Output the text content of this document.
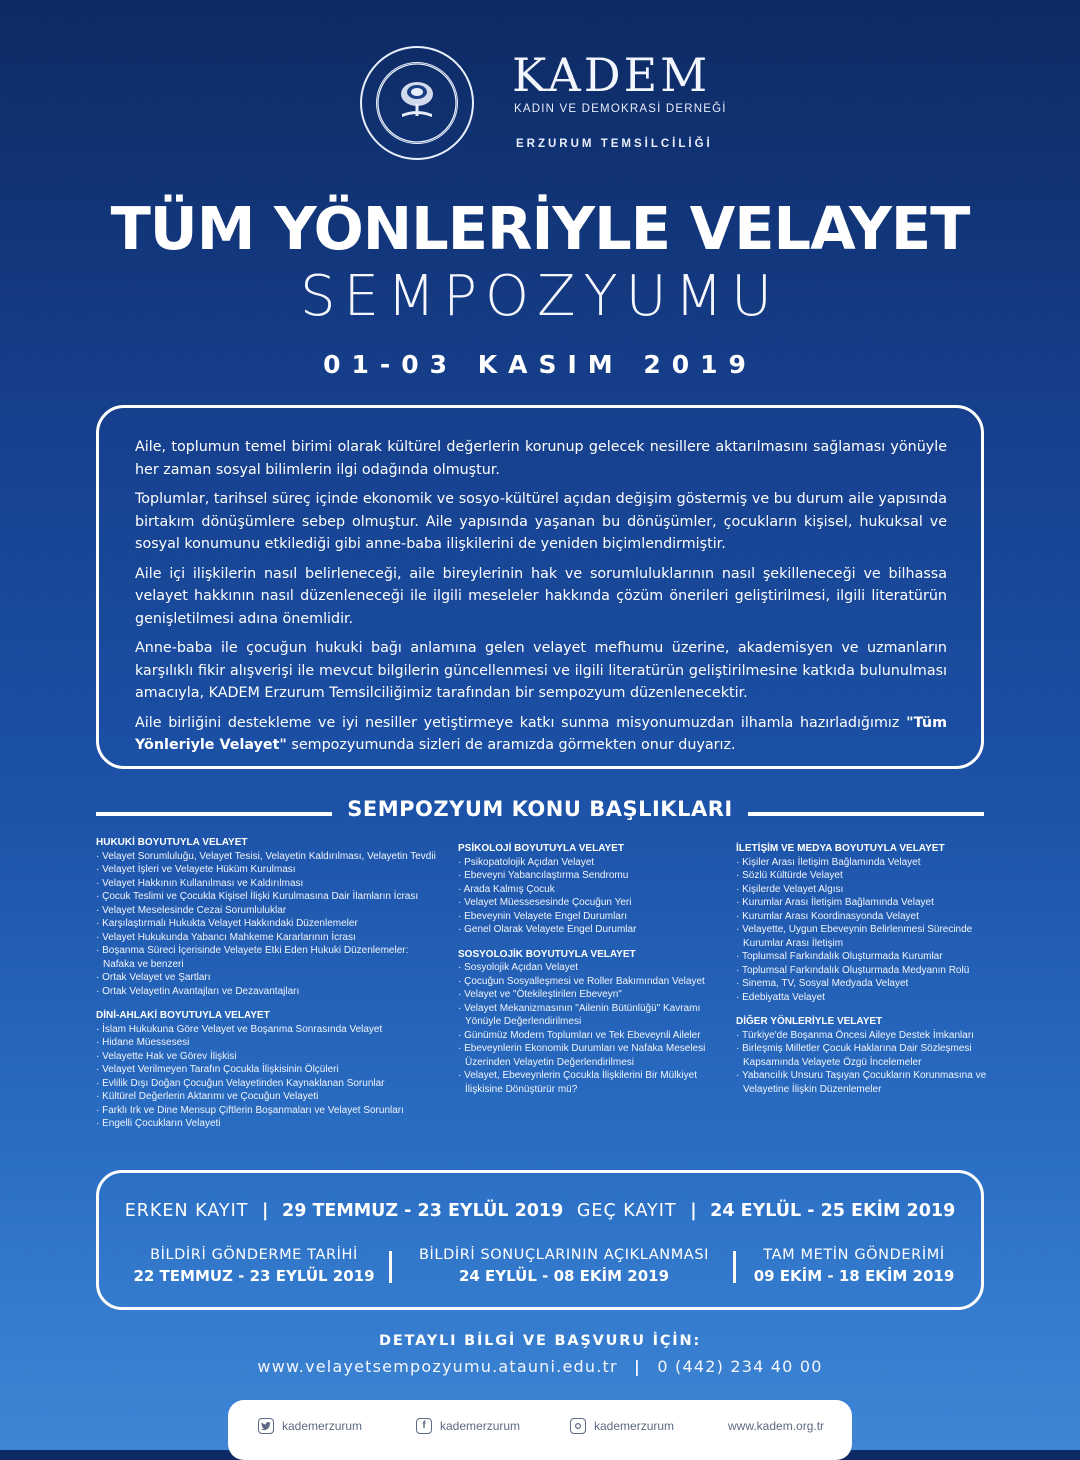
KADEM
KADIN VE DEMOKRASİ DERNEĞİ
ERZURUM TEMSİLCİLİĞİ
TÜM YÖNLERİYLE VELAYET
SEMPOZYUMU
01-03 KASIM 2019

Aile, toplumun temel birimi olarak kültürel değerlerin korunup gelecek nesillere aktarılmasını sağlaması yönüyle her zaman sosyal bilimlerin ilgi odağında olmuştur.

Toplumlar, tarihsel süreç içinde ekonomik ve sosyo-kültürel açıdan değişim göstermiş ve bu durum aile yapısında birtakım dönüşümlere sebep olmuştur. Aile yapısında yaşanan bu dönüşümler, çocukların kişisel, hukuksal ve sosyal konumunu etkilediği gibi anne-baba ilişkilerini de yeniden biçimlendirmiştir.

Aile içi ilişkilerin nasıl belirleneceği, aile bireylerinin hak ve sorumluluklarının nasıl şekilleneceği ve bilhassa velayet hakkının nasıl düzenleneceği ile ilgili meseleler hakkında çözüm önerileri geliştirilmesi, ilgili literatürün genişletilmesi adına önemlidir.

Anne-baba ile çocuğun hukuki bağı anlamına gelen velayet mefhumu üzerine, akademisyen ve uzmanların karşılıklı fikir alışverişi ile mevcut bilgilerin güncellenmesi ve ilgili literatürün geliştirilmesine katkıda bulunulması amacıyla, KADEM Erzurum Temsilciliğimiz tarafından bir sempozyum düzenlenecektir.

Aile birliğini destekleme ve iyi nesiller yetiştirmeye katkı sunma misyonumuzdan ilhamla hazırladığımız "Tüm Yönleriyle Velayet" sempozyumunda sizleri de aramızda görmekten onur duyarız.

SEMPOZYUM KONU BAŞLIKLARI
HUKUKİ BOYUTUYLA VELAYET
· Velayet Sorumluluğu, Velayet Tesisi, Velayetin Kaldırılması, Velayetin Tevdii
· Velayet İşleri ve Velayete Hüküm Kurulması
· Velayet Hakkının Kullanılması ve Kaldırılması
· Çocuk Teslimi ve Çocukla Kişisel İlişki Kurulmasına Dair İlamların İcrası
· Velayet Meselesinde Cezai Sorumluluklar
· Karşılaştırmalı Hukukta Velayet Hakkındaki Düzenlemeler
· Velayet Hukukunda Yabancı Mahkeme Kararlarının İcrası
· Boşanma Süreci İçerisinde Velayete Etki Eden Hukuki Düzenlemeler: Nafaka ve benzeri
· Ortak Velayet ve Şartları
· Ortak Velayetin Avantajları ve Dezavantajları
DİNİ-AHLAKİ BOYUTUYLA VELAYET
· İslam Hukukuna Göre Velayet ve Boşanma Sonrasında Velayet
· Hidane Müessesesi
· Velayette Hak ve Görev İlişkisi
· Velayet Verilmeyen Tarafın Çocukla İlişkisinin Ölçüleri
· Evlilik Dışı Doğan Çocuğun Velayetinden Kaynaklanan Sorunlar
· Kültürel Değerlerin Aktarımı ve Çocuğun Velayeti
· Farklı Irk ve Dine Mensup Çiftlerin Boşanmaları ve Velayet Sorunları
· Engelli Çocukların Velayeti
PSİKOLOJİ BOYUTUYLA VELAYET
· Psikopatolojik Açıdan Velayet
· Ebeveyni Yabancılaştırma Sendromu
· Arada Kalmış Çocuk
· Velayet Müessesesinde Çocuğun Yeri
· Ebeveynin Velayete Engel Durumları
· Genel Olarak Velayete Engel Durumlar
SOSYOLOJİK BOYUTUYLA VELAYET
· Sosyolojik Açıdan Velayet
· Çocuğun Sosyalleşmesi ve Roller Bakımından Velayet
· Velayet ve "Ötekileştirilen Ebeveyn"
· Velayet Mekanizmasının "Ailenin Bütünlüğü" Kavramı Yönüyle Değerlendirilmesi
· Günümüz Modern Toplumları ve Tek Ebeveynli Aileler
· Ebeveynlerin Ekonomik Durumları ve Nafaka Meselesi Üzerinden Velayetin Değerlendirilmesi
· Velayet, Ebeveynlerin Çocukla İlişkilerini Bir Mülkiyet İlişkisine Dönüştürür mü?
İLETİŞİM VE MEDYA BOYUTUYLA VELAYET
· Kişiler Arası İletişim Bağlamında Velayet
· Sözlü Kültürde Velayet
· Kişilerde Velayet Algısı
· Kurumlar Arası İletişim Bağlamında Velayet
· Kurumlar Arası Koordinasyonda Velayet
· Velayette, Uygun Ebeveynin Belirlenmesi Sürecinde Kurumlar Arası İletişim
· Toplumsal Farkındalık Oluşturmada Kurumlar
· Toplumsal Farkındalık Oluşturmada Medyanın Rolü
· Sinema, TV, Sosyal Medyada Velayet
· Edebiyatta Velayet
DİĞER YÖNLERİYLE VELAYET
· Türkiye'de Boşanma Öncesi Aileye Destek İmkanları
· Birleşmiş Milletler Çocuk Haklarına Dair Sözleşmesi Kapsamında Velayete Özgü İncelemeler
· Yabancılık Unsuru Taşıyan Çocukların Korunmasına ve Velayetine İlişkin Düzenlemeler
ERKEN KAYIT | 29 TEMMUZ - 23 EYLÜL 2019 GEÇ KAYIT | 24 EYLÜL - 25 EKİM 2019
BİLDİRİ GÖNDERME TARİHİ
22 TEMMUZ - 23 EYLÜL 2019
BİLDİRİ SONUÇLARININ AÇIKLANMASI
24 EYLÜL - 08 EKİM 2019
TAM METİN GÖNDERİMİ
09 EKİM - 18 EKİM 2019
DETAYLI BİLGİ VE BAŞVURU İÇİN:
www.velayetsempozyumu.atauni.edu.tr | 0 (442) 234 40 00
kademerzurum	f	kademerzurum	kademerzurum	www.kadem.org.tr
